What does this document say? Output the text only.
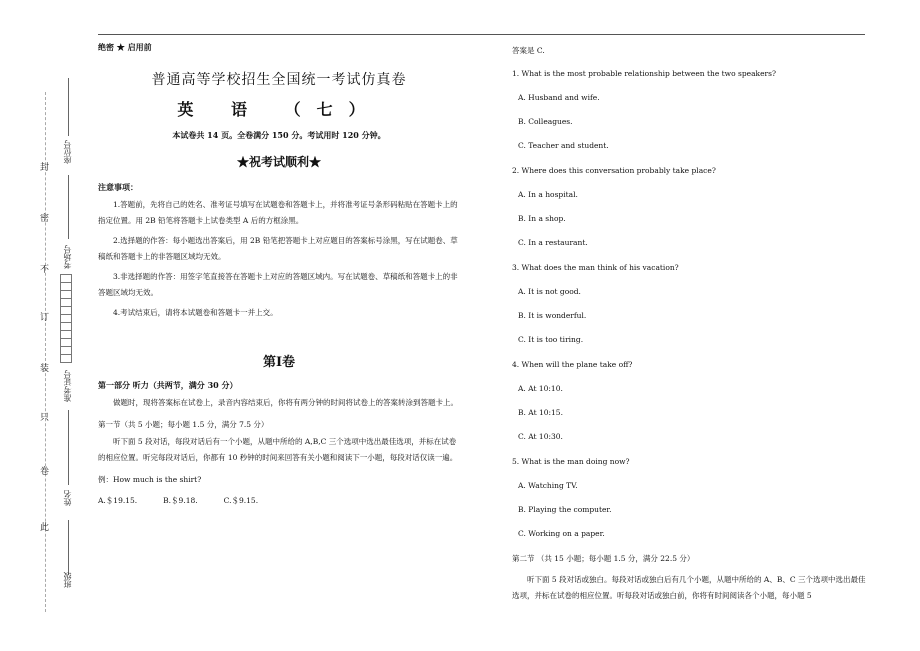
此
卷
只
装
订
不
密
封
座位号
考场号
准考证号
姓名
班级
绝密 ★ 启用前
普通高等学校招生全国统一考试仿真卷
英 语 （七）
本试卷共 14 页。全卷满分 150 分。考试用时 120 分钟。
★祝考试顺利★
注意事项：
1.答题前，先将自己的姓名、准考证号填写在试题卷和答题卡上，并将准考证号条形码粘贴在答题卡上的指定位置。用 2B 铅笔将答题卡上试卷类型 A 后的方框涂黑。
2.选择题的作答：每小题选出答案后，用 2B 铅笔把答题卡上对应题目的答案标号涂黑，写在试题卷、草稿纸和答题卡上的非答题区域均无效。
3.非选择题的作答：用签字笔直接答在答题卡上对应的答题区域内。写在试题卷、草稿纸和答题卡上的非答题区域均无效。
4.考试结束后，请将本试题卷和答题卡一并上交。
第Ⅰ卷
第一部分 听力（共两节，满分 30 分）
做题时，现将答案标在试卷上，录音内容结束后，你将有两分钟的时间将试卷上的答案转涂到答题卡上。
第一节（共 5 小题；每小题 1.5 分，满分 7.5 分）
听下面 5 段对话，每段对话后有一个小题，从题中所给的 A,B,C 三个选项中选出最佳选项，并标在试卷的相应位置。听完每段对话后，你都有 10 秒钟的时间来回答有关小题和阅读下一小题，每段对话仅读一遍。
例：How much is the shirt?
A.＄19.15.	B.＄9.18.	C.＄9.15.
答案是 C.
1. What is the most probable relationship between the two speakers?
A. Husband and wife.
B. Colleagues.
C. Teacher and student.
2. Where does this conversation probably take place?
A. In a hospital.
B. In a shop.
C. In a restaurant.
3. What does the man think of his vacation?
A. It is not good.
B. It is wonderful.
C. It is too tiring.
4. When will the plane take off?
A. At 10:10.
B. At 10:15.
C. At 10:30.
5. What is the man doing now?
A. Watching TV.
B. Playing the computer.
C. Working on a paper.
第二节 （共 15 小题；每小题 1.5 分，满分 22.5 分）
听下面 5 段对话或独白。每段对话或独白后有几个小题，从题中所给的 A、B、C 三个选项中选出最佳选项，并标在试卷的相应位置。听每段对话或独白前，你将有时间阅读各个小题，每小题 5
